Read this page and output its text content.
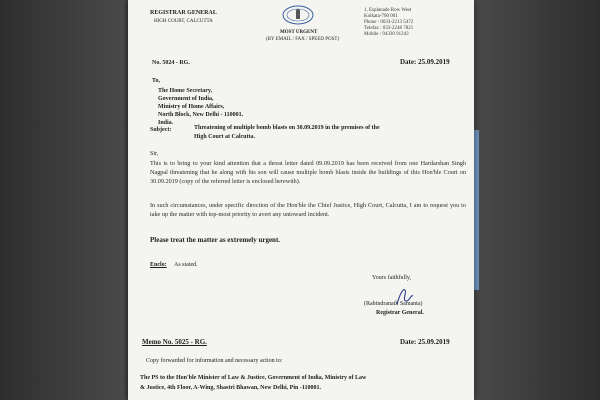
REGISTRAR GENERAL
HIGH COURT, CALCUTTA
MOST URGENT
(BY EMAIL / FAX / SPEED POST)
1, Esplanade Row West
Kolkata-700 001
Phone : 0033-2213 5472
Telefax : 033-2248 7821
Mobile : 94330 91243
No. 5024 - RG.	Date: 25.09.2019
To,
The Home Secretary,
Government of India,
Ministry of Home Affairs,
North Block, New Delhi - 110001.
India.
Subject:	Threatening of multiple bomb blasts on 30.09.2019 in the premises of the
High Court at Calcutta.
Sir,
This is to bring to your kind attention that a threat letter dated 09.09.2019 has been received from one Hardarshan Singh Nagpal threatening that he along with his son will cause multiple bomb blasts inside the buildings of this Hon'ble Court on 30.09.2019 (copy of the referred letter is enclosed herewith).
In such circumstances, under specific direction of the Hon'ble the Chief Justice, High Court, Calcutta, I am to request you to take up the matter with top-most priority to avert any untoward incident.
Please treat the matter as extremely urgent.
Enclo: As stated.
Yours faithfully,
(Rabindranath Samanta)
Registrar General.
Memo No. 5025 - RG.	Date: 25.09.2019
Copy forwarded for information and necessary action to:
The PS to the Hon'ble Minister of Law & Justice, Government of India, Ministry of Law
& Justice, 4th Floor, A-Wing, Shastri Bhawan, New Delhi, Pin -110001.
